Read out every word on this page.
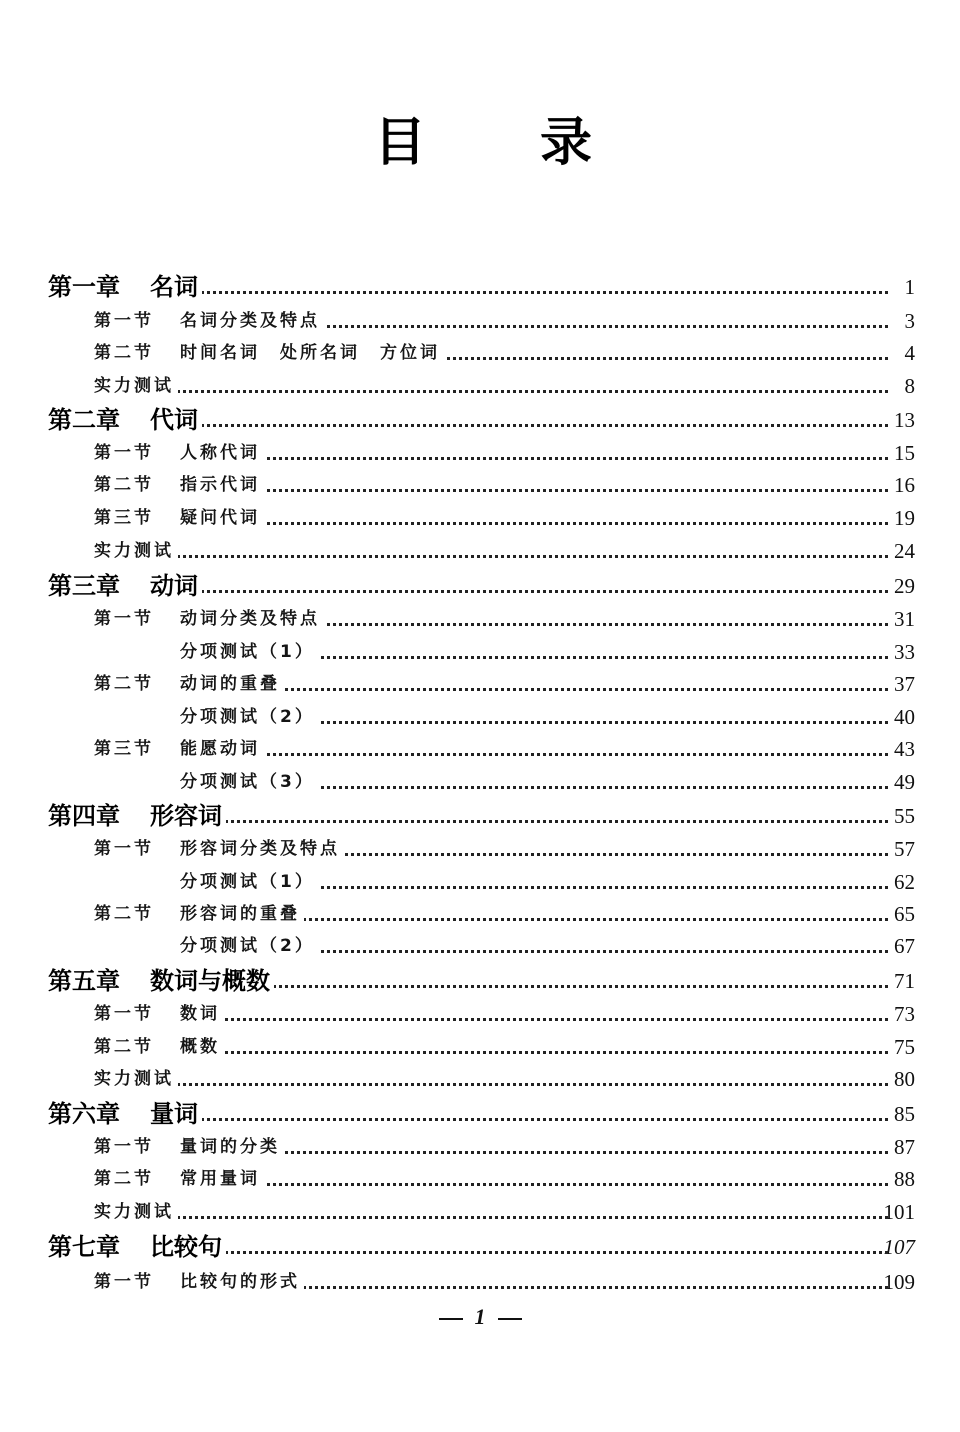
目 录
第一章 名词	1
第一节 名词分类及特点	3
第二节 时间名词　处所名词　方位词	4
实力测试	8
第二章 代词	13
第一节 人称代词	15
第二节 指示代词	16
第三节 疑问代词	19
实力测试	24
第三章 动词	29
第一节 动词分类及特点	31
分项测试（1）	33
第二节 动词的重叠	37
分项测试（2）	40
第三节 能愿动词	43
分项测试（3）	49
第四章 形容词	55
第一节 形容词分类及特点	57
分项测试（1）	62
第二节 形容词的重叠	65
分项测试（2）	67
第五章 数词与概数	71
第一节 数词	73
第二节 概数	75
实力测试	80
第六章 量词	85
第一节 量词的分类	87
第二节 常用量词	88
实力测试	101
第七章 比较句	107
第一节 比较句的形式	109
1
